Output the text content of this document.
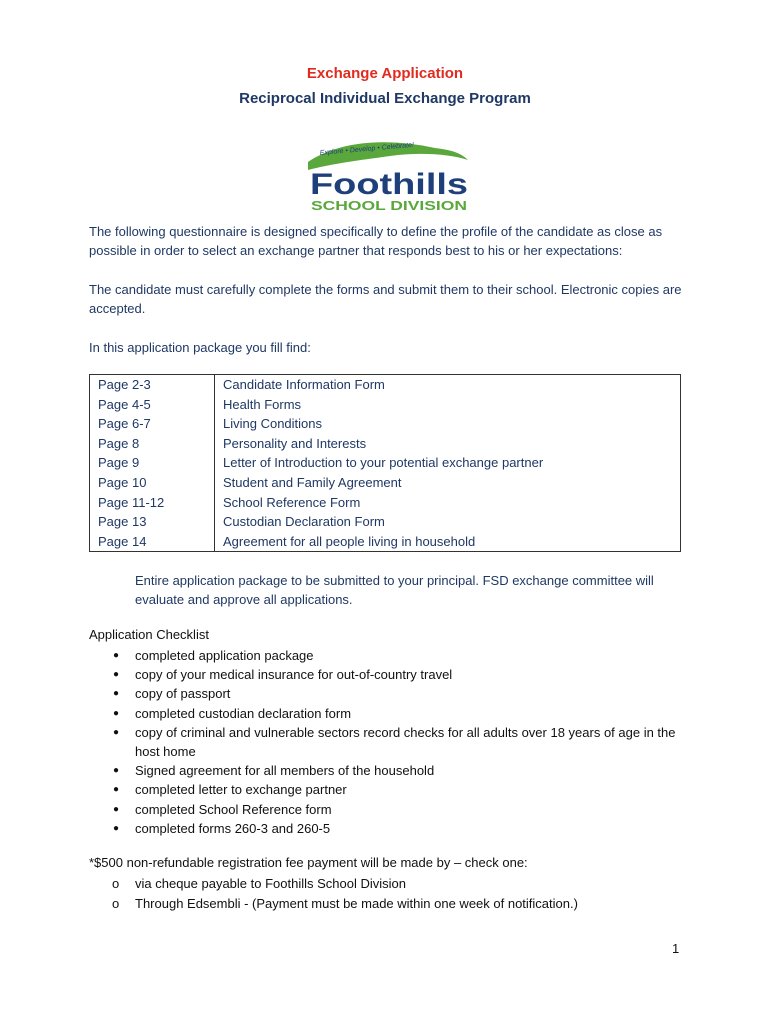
Exchange Application
Reciprocal Individual Exchange Program
Explore • Develop • Celebrate!
Foothills
SCHOOL DIVISION
The following questionnaire is designed specifically to define the profile of the candidate as close as possible in order to select an exchange partner that responds best to his or her expectations:
The candidate must carefully complete the forms and submit them to their school. Electronic copies are accepted.
In this application package you fill find:
Page 2-3	Candidate Information Form
Page 4-5	Health Forms
Page 6-7	Living Conditions
Page 8	Personality and Interests
Page 9	Letter of Introduction to your potential exchange partner
Page 10	Student and Family Agreement
Page 11-12	School Reference Form
Page 13	Custodian Declaration Form
Page 14	Agreement for all people living in household
Entire application package to be submitted to your principal. FSD exchange committee will evaluate and approve all applications.
Application Checklist
● completed application package
● copy of your medical insurance for out-of-country travel
● copy of passport
● completed custodian declaration form
● copy of criminal and vulnerable sectors record checks for all adults over 18 years of age in the host home
● Signed agreement for all members of the household
● completed letter to exchange partner
● completed School Reference form
● completed forms 260-3 and 260-5
*$500 non-refundable registration fee payment will be made by – check one:
o via cheque payable to Foothills School Division
o Through Edsembli - (Payment must be made within one week of notification.)
1
